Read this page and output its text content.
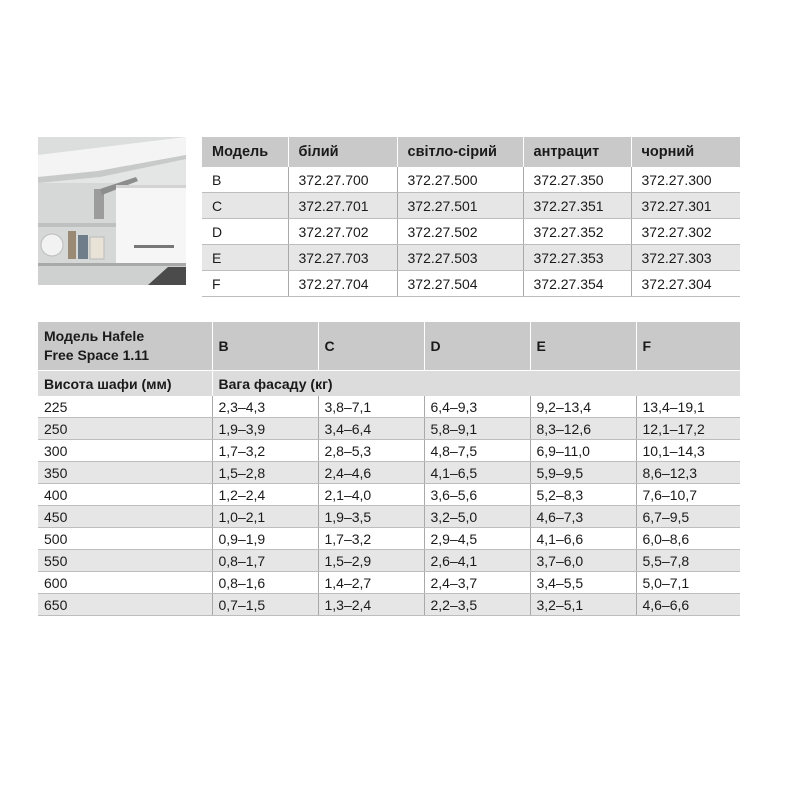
Модель	білий	світло-сірий	антрацит	чорний
B	372.27.700	372.27.500	372.27.350	372.27.300
C	372.27.701	372.27.501	372.27.351	372.27.301
D	372.27.702	372.27.502	372.27.352	372.27.302
E	372.27.703	372.27.503	372.27.353	372.27.303
F	372.27.704	372.27.504	372.27.354	372.27.304
Модель Hafele
Free Space 1.11	B	C	D	E	F
Висота шафи (мм)	Вага фасаду (кг)				
225	2,3–4,3	3,8–7,1	6,4–9,3	9,2–13,4	13,4–19,1
250	1,9–3,9	3,4–6,4	5,8–9,1	8,3–12,6	12,1–17,2
300	1,7–3,2	2,8–5,3	4,8–7,5	6,9–11,0	10,1–14,3
350	1,5–2,8	2,4–4,6	4,1–6,5	5,9–9,5	8,6–12,3
400	1,2–2,4	2,1–4,0	3,6–5,6	5,2–8,3	7,6–10,7
450	1,0–2,1	1,9–3,5	3,2–5,0	4,6–7,3	6,7–9,5
500	0,9–1,9	1,7–3,2	2,9–4,5	4,1–6,6	6,0–8,6
550	0,8–1,7	1,5–2,9	2,6–4,1	3,7–6,0	5,5–7,8
600	0,8–1,6	1,4–2,7	2,4–3,7	3,4–5,5	5,0–7,1
650	0,7–1,5	1,3–2,4	2,2–3,5	3,2–5,1	4,6–6,6
